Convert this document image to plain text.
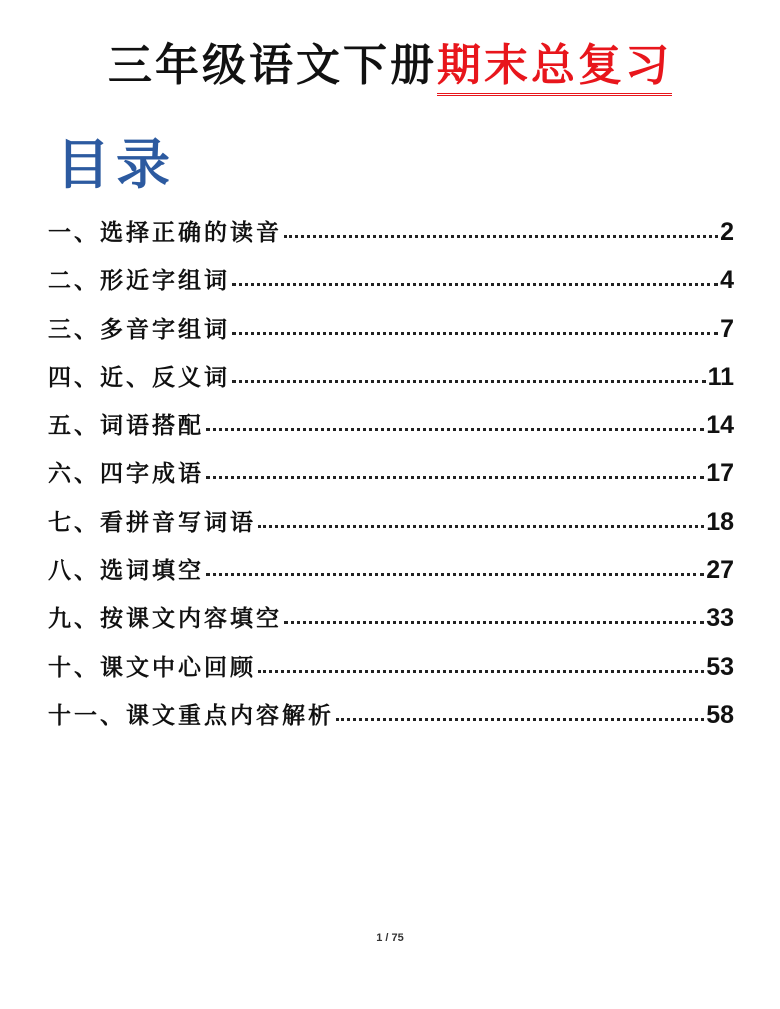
三年级语文下册期末总复习
目录
一、选择正确的读音	2
二、形近字组词	4
三、多音字组词	7
四、近、反义词	11
五、词语搭配	14
六、四字成语	17
七、看拼音写词语	18
八、选词填空	27
九、按课文内容填空	33
十、课文中心回顾	53
十一、课文重点内容解析	58
1 / 75
